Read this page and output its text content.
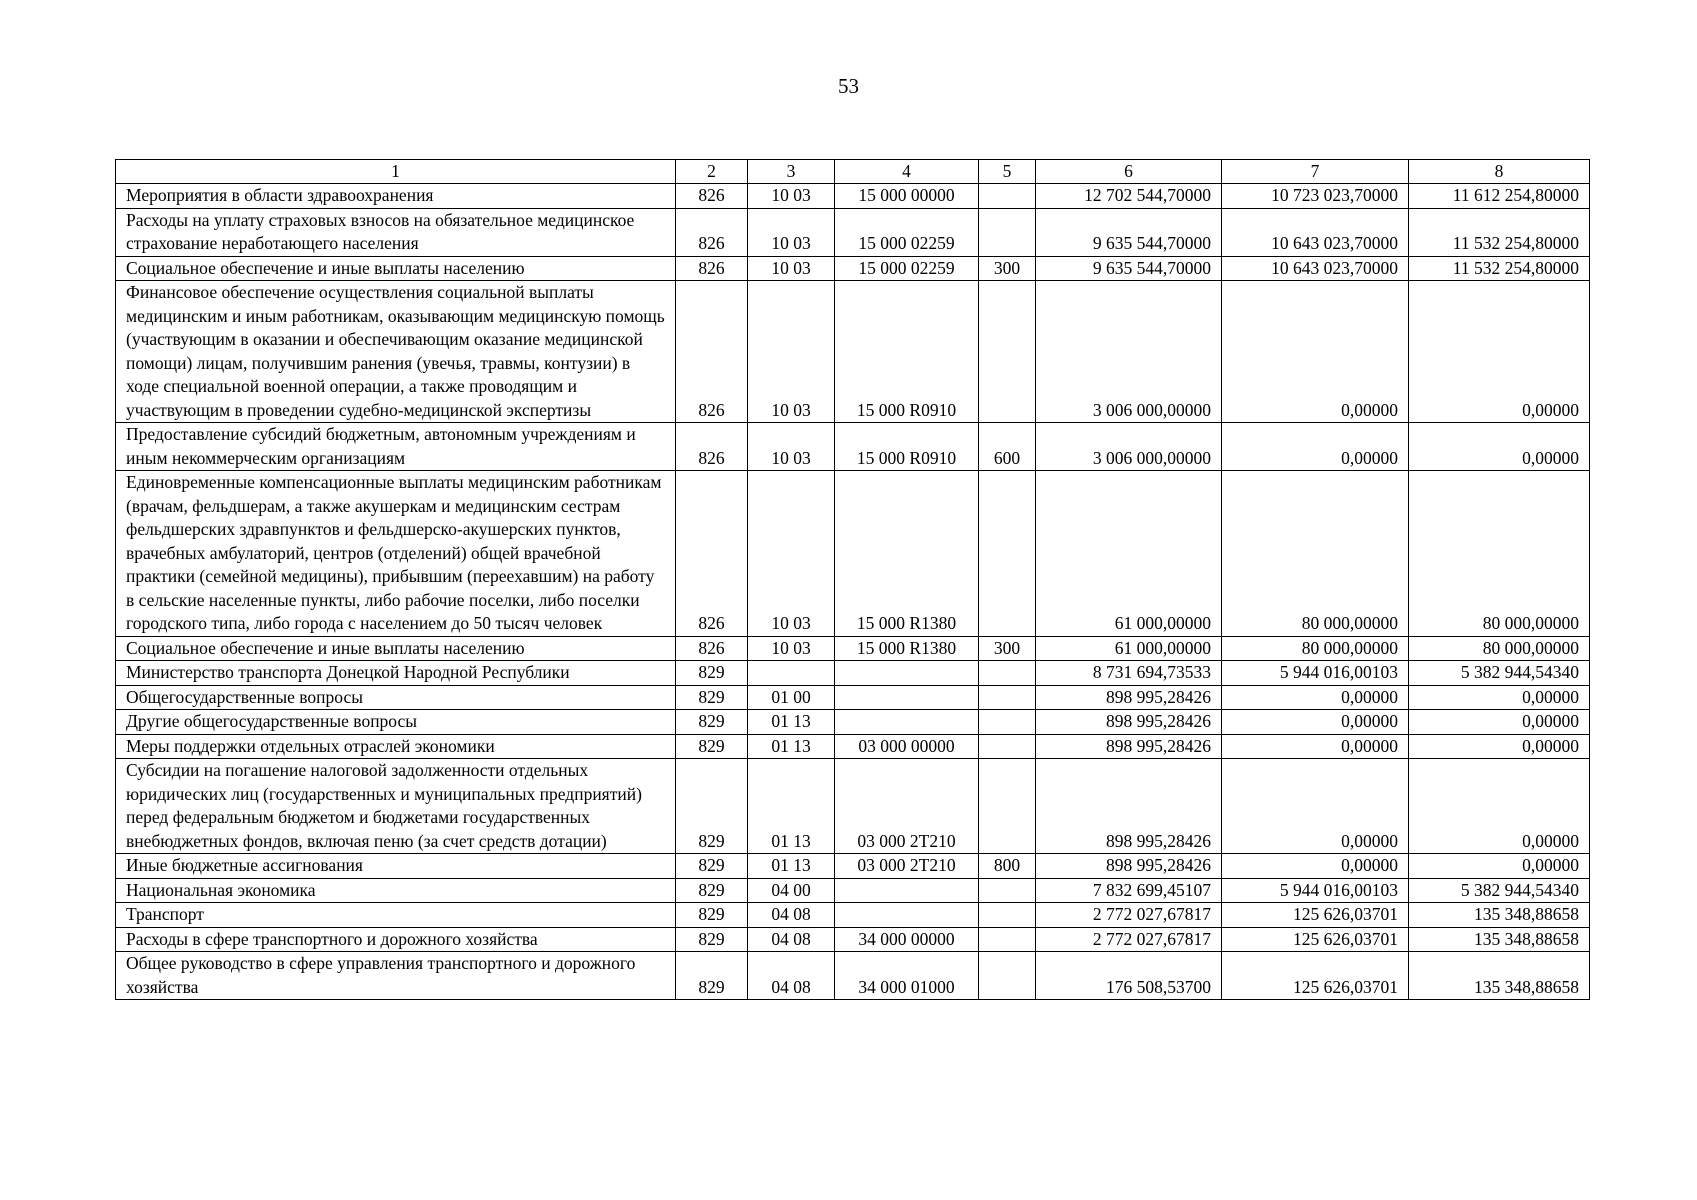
53
1	2	3	4	5	6	7	8
Мероприятия в области здравоохранения	826	10 03	15 000 00000		12 702 544,70000	10 723 023,70000	11 612 254,80000
Расходы на уплату страховых взносов на обязательное медицинское страхование неработающего населения	826	10 03	15 000 02259		9 635 544,70000	10 643 023,70000	11 532 254,80000
Социальное обеспечение и иные выплаты населению	826	10 03	15 000 02259	300	9 635 544,70000	10 643 023,70000	11 532 254,80000
Финансовое обеспечение осуществления социальной выплаты медицинским и иным работникам, оказывающим медицинскую помощь (участвующим в оказании и обеспечивающим оказание медицинской помощи) лицам, получившим ранения (увечья, травмы, контузии) в ходе специальной военной операции, а также проводящим и участвующим в проведении судебно-медицинской экспертизы	826	10 03	15 000 R0910		3 006 000,00000	0,00000	0,00000
Предоставление субсидий бюджетным, автономным учреждениям и иным некоммерческим организациям	826	10 03	15 000 R0910	600	3 006 000,00000	0,00000	0,00000
Единовременные компенсационные выплаты медицинским работникам (врачам, фельдшерам, а также акушеркам и медицинским сестрам фельдшерских здравпунктов и фельдшерско-акушерских пунктов, врачебных амбулаторий, центров (отделений) общей врачебной практики (семейной медицины), прибывшим (переехавшим) на работу в сельские населенные пункты, либо рабочие поселки, либо поселки городского типа, либо города с населением до 50 тысяч человек	826	10 03	15 000 R1380		61 000,00000	80 000,00000	80 000,00000
Социальное обеспечение и иные выплаты населению	826	10 03	15 000 R1380	300	61 000,00000	80 000,00000	80 000,00000
Министерство транспорта Донецкой Народной Республики	829				8 731 694,73533	5 944 016,00103	5 382 944,54340
Общегосударственные вопросы	829	01 00			898 995,28426	0,00000	0,00000
Другие общегосударственные вопросы	829	01 13			898 995,28426	0,00000	0,00000
Меры поддержки отдельных отраслей экономики	829	01 13	03 000 00000		898 995,28426	0,00000	0,00000
Субсидии на погашение налоговой задолженности отдельных юридических лиц (государственных и муниципальных предприятий) перед федеральным бюджетом и бюджетами государственных внебюджетных фондов, включая пеню (за счет средств дотации)	829	01 13	03 000 2T210		898 995,28426	0,00000	0,00000
Иные бюджетные ассигнования	829	01 13	03 000 2T210	800	898 995,28426	0,00000	0,00000
Национальная экономика	829	04 00			7 832 699,45107	5 944 016,00103	5 382 944,54340
Транспорт	829	04 08			2 772 027,67817	125 626,03701	135 348,88658
Расходы в сфере транспортного и дорожного хозяйства	829	04 08	34 000 00000		2 772 027,67817	125 626,03701	135 348,88658
Общее руководство в сфере управления транспортного и дорожного хозяйства	829	04 08	34 000 01000		176 508,53700	125 626,03701	135 348,88658
